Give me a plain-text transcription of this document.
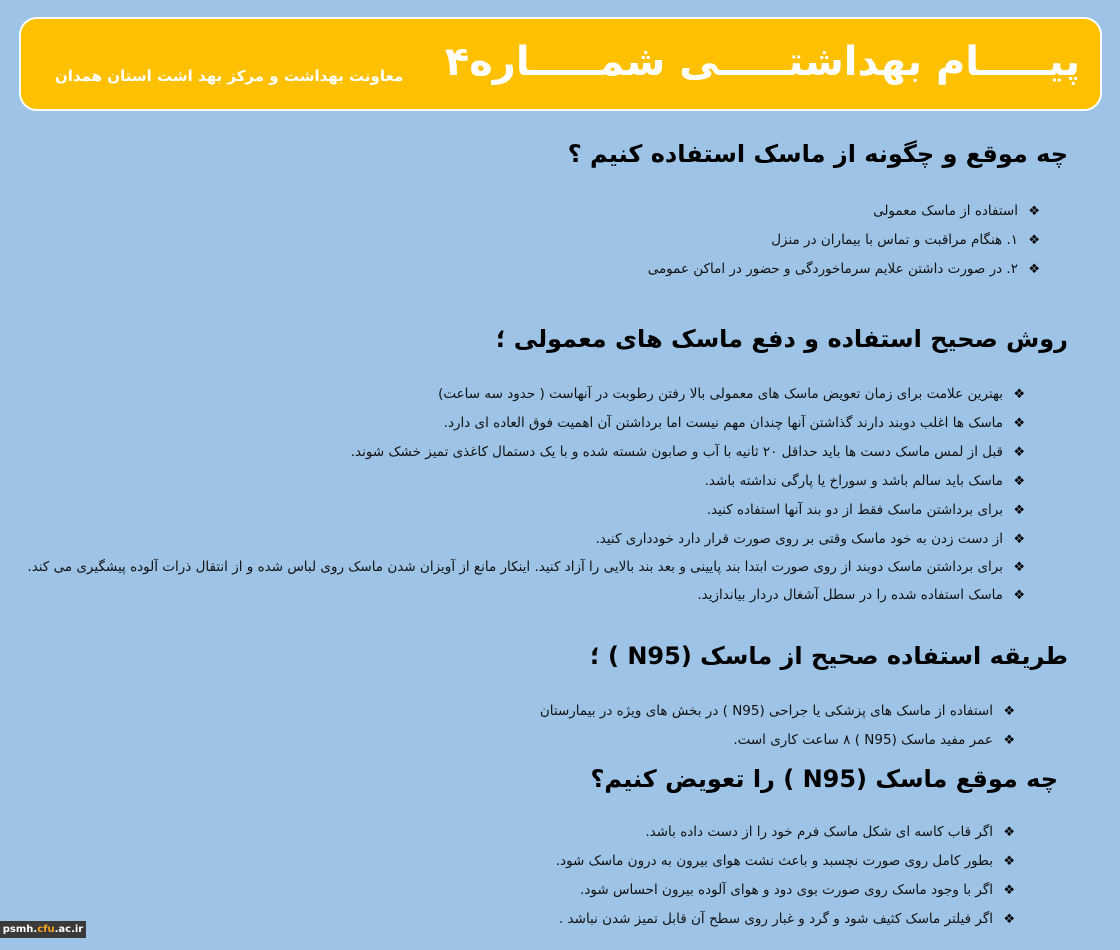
پیـــــام بهداشتـــــی شمـــــاره۴
معاونت بهداشت و مرکز بهد اشت استان همدان
چه موقع و چگونه از ماسک استفاده کنیم ؟
❖
استفاده از ماسک معمولی
❖
۱. هنگام مراقبت و تماس با بیماران در منزل
❖
۲. در صورت داشتن علایم سرماخوردگی و حضور در اماکن عمومی
روش صحیح استفاده و دفع ماسک های معمولی ؛
❖
بهترین علامت برای زمان تعویض ماسک های معمولی بالا رفتن رطوبت در آنهاست ( حدود سه ساعت)
❖
ماسک ها اغلب دوبند دارند گذاشتن آنها چندان مهم نیست اما برداشتن آن اهمیت فوق العاده ای دارد.
❖
قبل از لمس ماسک دست ها باید حداقل ۲۰ ثانیه با آب و صابون شسته شده و با یک دستمال کاغذی تمیز خشک شوند.
❖
ماسک باید سالم باشد و سوراخ یا پارگی نداشته باشد.
❖
برای برداشتن ماسک فقط از دو بند آنها استفاده کنید.
❖
از دست زدن به خود ماسک وقتی بر روی صورت قرار دارد خودداری کنید.
❖
برای برداشتن ماسک دوبند از روی صورت ابتدا بند پایینی و بعد بند بالایی را آزاد کنید. اینکار مانع از آویزان شدن ماسک روی لباس شده و از انتقال ذرات آلوده پیشگیری می کند.
❖
ماسک استفاده شده را در سطل آشغال دردار بیاندازید.
طریقه استفاده صحیح از ماسک (N95 ) ؛
❖
استفاده از ماسک های پزشکی یا جراحی (N95 ) در بخش های ویژه در بیمارستان
❖
عمر مفید ماسک (N95 ) ۸ ساعت کاری است.
چه موقع ماسک (N95 ) را تعویض کنیم؟
❖
اگر قاب کاسه ای شکل ماسک فرم خود را از دست داده باشد.
❖
بطور کامل روی صورت نچسبد و باعث نشت هوای بیرون به درون ماسک شود.
❖
اگر با وجود ماسک روی صورت بوی دود و هوای آلوده بیرون احساس شود.
❖
اگر فیلتر ماسک کثیف شود و گرد و غبار روی سطح آن قابل تمیز شدن نباشد .
psmh.cfu.ac.ir
